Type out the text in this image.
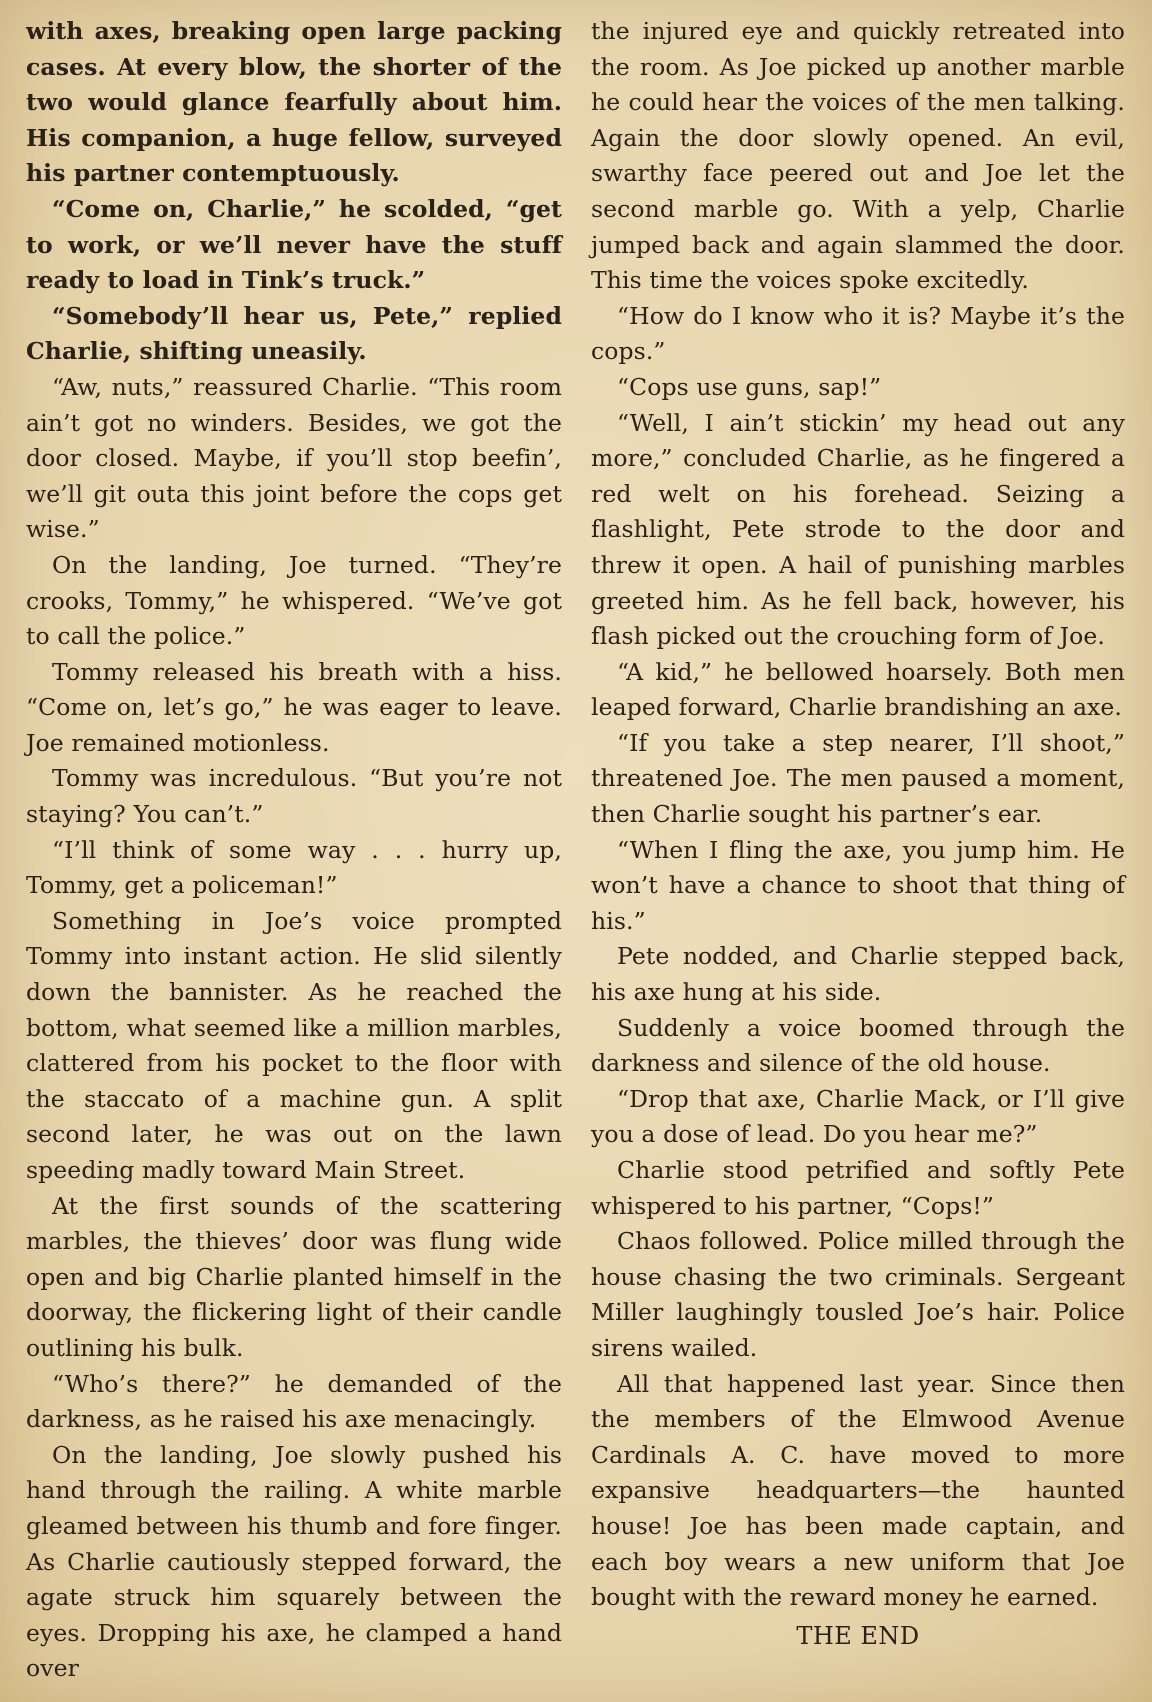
with axes, breaking open large packing cases. At every blow, the shorter of the two would glance fearfully about him. His companion, a huge fellow, surveyed his partner contemptuously.

“Come on, Charlie,” he scolded, “get to work, or we’ll never have the stuff ready to load in Tink’s truck.”

“Somebody’ll hear us, Pete,” replied Charlie, shifting uneasily.

“Aw, nuts,” reassured Charlie. “This room ain’t got no winders. Besides, we got the door closed. Maybe, if you’ll stop beefin’, we’ll git outa this joint before the cops get wise.”

On the landing, Joe turned. “They’re crooks, Tommy,” he whispered. “We’ve got to call the police.”

Tommy released his breath with a hiss. “Come on, let’s go,” he was eager to leave. Joe remained motionless.

Tommy was incredulous. “But you’re not staying? You can’t.”

“I’ll think of some way . . . hurry up, Tommy, get a policeman!”

Something in Joe’s voice prompted Tommy into instant action. He slid silently down the bannister. As he reached the bottom, what seemed like a million marbles, clattered from his pocket to the floor with the staccato of a machine gun. A split second later, he was out on the lawn speeding madly toward Main Street.

At the first sounds of the scattering marbles, the thieves’ door was flung wide open and big Charlie planted himself in the doorway, the flickering light of their candle outlining his bulk.

“Who’s there?” he demanded of the darkness, as he raised his axe menacingly.

On the landing, Joe slowly pushed his hand through the railing. A white marble gleamed between his thumb and fore finger. As Charlie cautiously stepped forward, the agate struck him squarely between the eyes. Dropping his axe, he clamped a hand over

the injured eye and quickly retreated into the room. As Joe picked up another marble he could hear the voices of the men talking. Again the door slowly opened. An evil, swarthy face peered out and Joe let the second marble go. With a yelp, Charlie jumped back and again slammed the door. This time the voices spoke excitedly.

“How do I know who it is? Maybe it’s the cops.”

“Cops use guns, sap!”

“Well, I ain’t stickin’ my head out any more,” concluded Charlie, as he fingered a red welt on his forehead. Seizing a flashlight, Pete strode to the door and threw it open. A hail of punishing marbles greeted him. As he fell back, however, his flash picked out the crouching form of Joe.

“A kid,” he bellowed hoarsely. Both men leaped forward, Charlie brandishing an axe.

“If you take a step nearer, I’ll shoot,” threatened Joe. The men paused a moment, then Charlie sought his partner’s ear.

“When I fling the axe, you jump him. He won’t have a chance to shoot that thing of his.”

Pete nodded, and Charlie stepped back, his axe hung at his side.

Suddenly a voice boomed through the darkness and silence of the old house.

“Drop that axe, Charlie Mack, or I’ll give you a dose of lead. Do you hear me?”

Charlie stood petrified and softly Pete whispered to his partner, “Cops!”

Chaos followed. Police milled through the house chasing the two criminals. Sergeant Miller laughingly tousled Joe’s hair. Police sirens wailed.

All that happened last year. Since then the members of the Elmwood Avenue Cardinals A. C. have moved to more expansive headquarters—the haunted house! Joe has been made captain, and each boy wears a new uniform that Joe bought with the reward money he earned.

THE END
